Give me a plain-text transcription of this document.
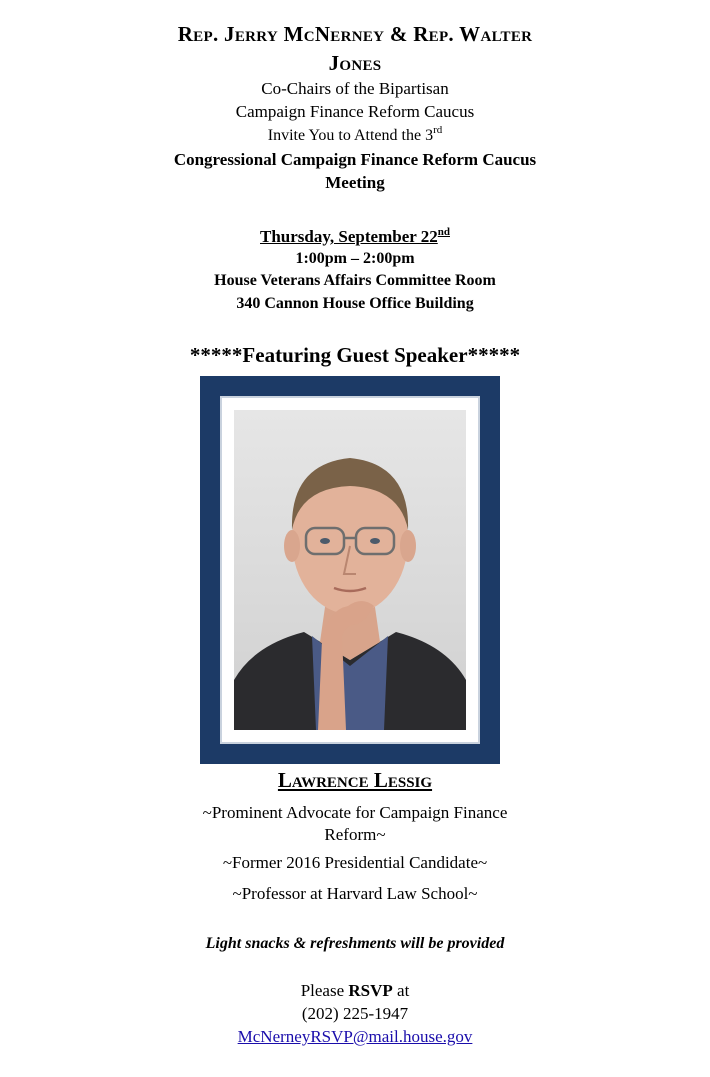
Rep. Jerry McNerney & Rep. Walter
Jones
Co-Chairs of the Bipartisan
Campaign Finance Reform Caucus
Invite You to Attend the 3rd
Congressional Campaign Finance Reform Caucus
Meeting
Thursday, September 22nd
1:00pm – 2:00pm
House Veterans Affairs Committee Room
340 Cannon House Office Building
*****Featuring Guest Speaker*****
Lawrence Lessig
~Prominent Advocate for Campaign Finance
Reform~
~Former 2016 Presidential Candidate~
~Professor at Harvard Law School~
Light snacks & refreshments will be provided
Please RSVP at
(202) 225-1947
McNerneyRSVP@mail.house.gov
